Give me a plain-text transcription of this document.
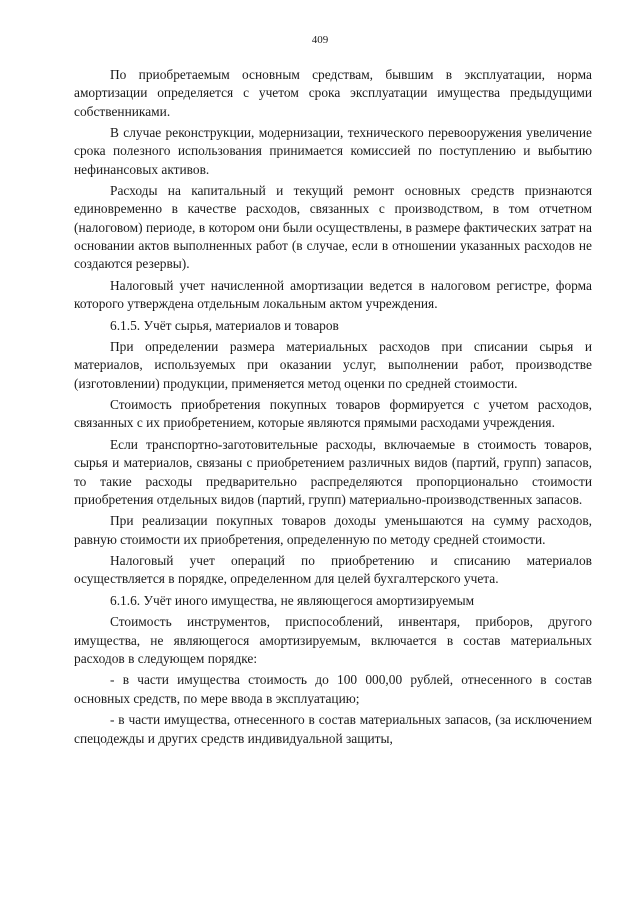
409

По приобретаемым основным средствам, бывшим в эксплуатации, норма амортизации определяется с учетом срока эксплуатации имущества предыдущими собственниками.

В случае реконструкции, модернизации, технического перевооружения увеличение срока полезного использования принимается комиссией по поступлению и выбытию нефинансовых активов.

Расходы на капитальный и текущий ремонт основных средств признаются единовременно в качестве расходов, связанных с производством, в том отчетном (налоговом) периоде, в котором они были осуществлены, в размере фактических затрат на основании актов выполненных работ (в случае, если в отношении указанных расходов не создаются резервы).

Налоговый учет начисленной амортизации ведется в налоговом регистре, форма которого утверждена отдельным локальным актом учреждения.

6.1.5. Учёт сырья, материалов и товаров

При определении размера материальных расходов при списании сырья и материалов, используемых при оказании услуг, выполнении работ, производстве (изготовлении) продукции, применяется метод оценки по средней стоимости.

Стоимость приобретения покупных товаров формируется с учетом расходов, связанных с их приобретением, которые являются прямыми расходами учреждения.

Если транспортно-заготовительные расходы, включаемые в стоимость товаров, сырья и материалов, связаны с приобретением различных видов (партий, групп) запасов, то такие расходы предварительно распределяются пропорционально стоимости приобретения отдельных видов (партий, групп) материально-производственных запасов.

При реализации покупных товаров доходы уменьшаются на сумму расходов, равную стоимости их приобретения, определенную по методу средней стоимости.

Налоговый учет операций по приобретению и списанию материалов осуществляется в порядке, определенном для целей бухгалтерского учета.

6.1.6. Учёт иного имущества, не являющегося амортизируемым

Стоимость инструментов, приспособлений, инвентаря, приборов, другого имущества, не являющегося амортизируемым, включается в состав материальных расходов в следующем порядке:

- в части имущества стоимость до 100 000,00 рублей, отнесенного в состав основных средств, по мере ввода в эксплуатацию;

- в части имущества, отнесенного в состав материальных запасов, (за исключением спецодежды и других средств индивидуальной защиты,
